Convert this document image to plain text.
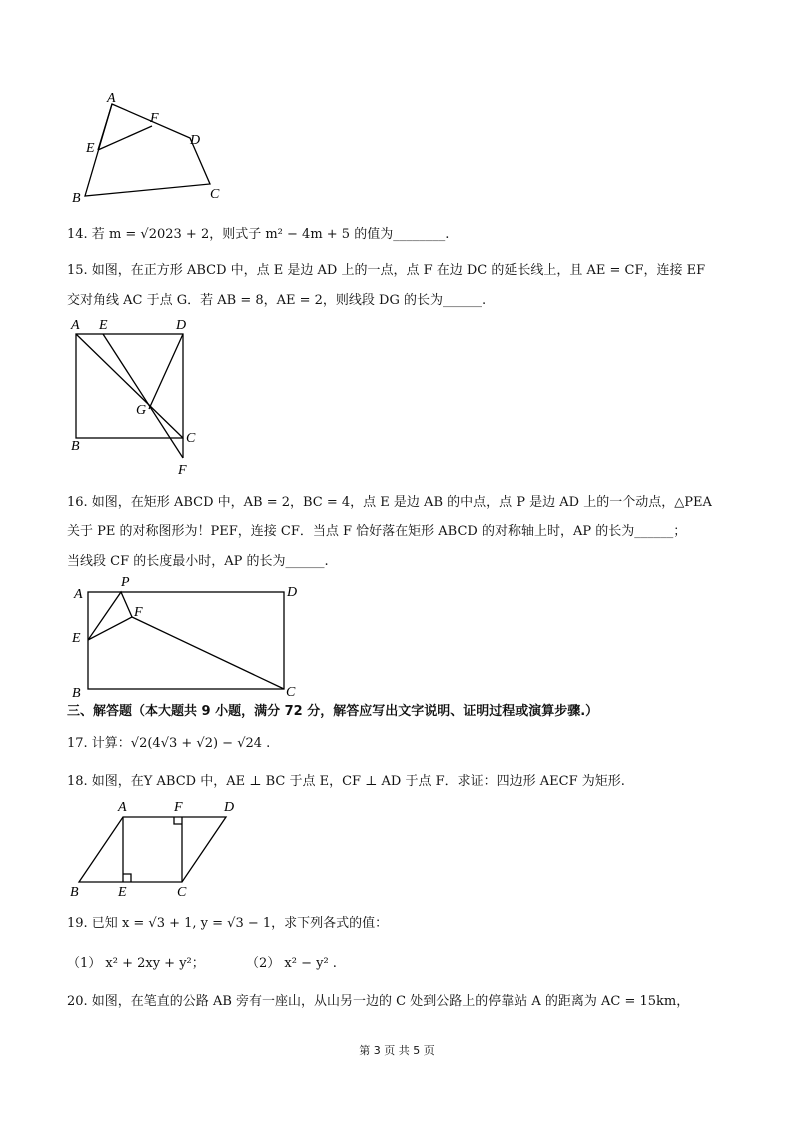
A
F
D
E
B	C
14. 若 m = √2023 + 2，则式子 m² − 4m + 5 的值为________.
15. 如图，在正方形 ABCD 中，点 E 是边 AD 上的一点，点 F 在边 DC 的延长线上，且 AE = CF，连接 EF
交对角线 AC 于点 G．若 AB = 8，AE = 2，则线段 DG 的长为______.
A E	D
G
B
C
F
16. 如图，在矩形 ABCD 中，AB = 2，BC = 4，点 E 是边 AB 的中点，点 P 是边 AD 上的一个动点，△PEA
关于 PE 的对称图形为！PEF，连接 CF．当点 F 恰好落在矩形 ABCD 的对称轴上时，AP 的长为______；
当线段 CF 的长度最小时，AP 的长为______.
P
A	D
F
E
B	C
三、解答题（本大题共 9 小题，满分 72 分，解答应写出文字说明、证明过程或演算步骤.）
17. 计算：√2(4√3 + √2) − √24 .
18. 如图，在Y ABCD 中，AE ⊥ BC 于点 E，CF ⊥ AD 于点 F．求证：四边形 AECF 为矩形.
A	F	D
B	E	C
19. 已知 x = √3 + 1, y = √3 − 1，求下列各式的值：
（1） x² + 2xy + y²；	（2） x² − y² .
20. 如图，在笔直的公路 AB 旁有一座山，从山另一边的 C 处到公路上的停靠站 A 的距离为 AC = 15km，
第 3 页 共 5 页
